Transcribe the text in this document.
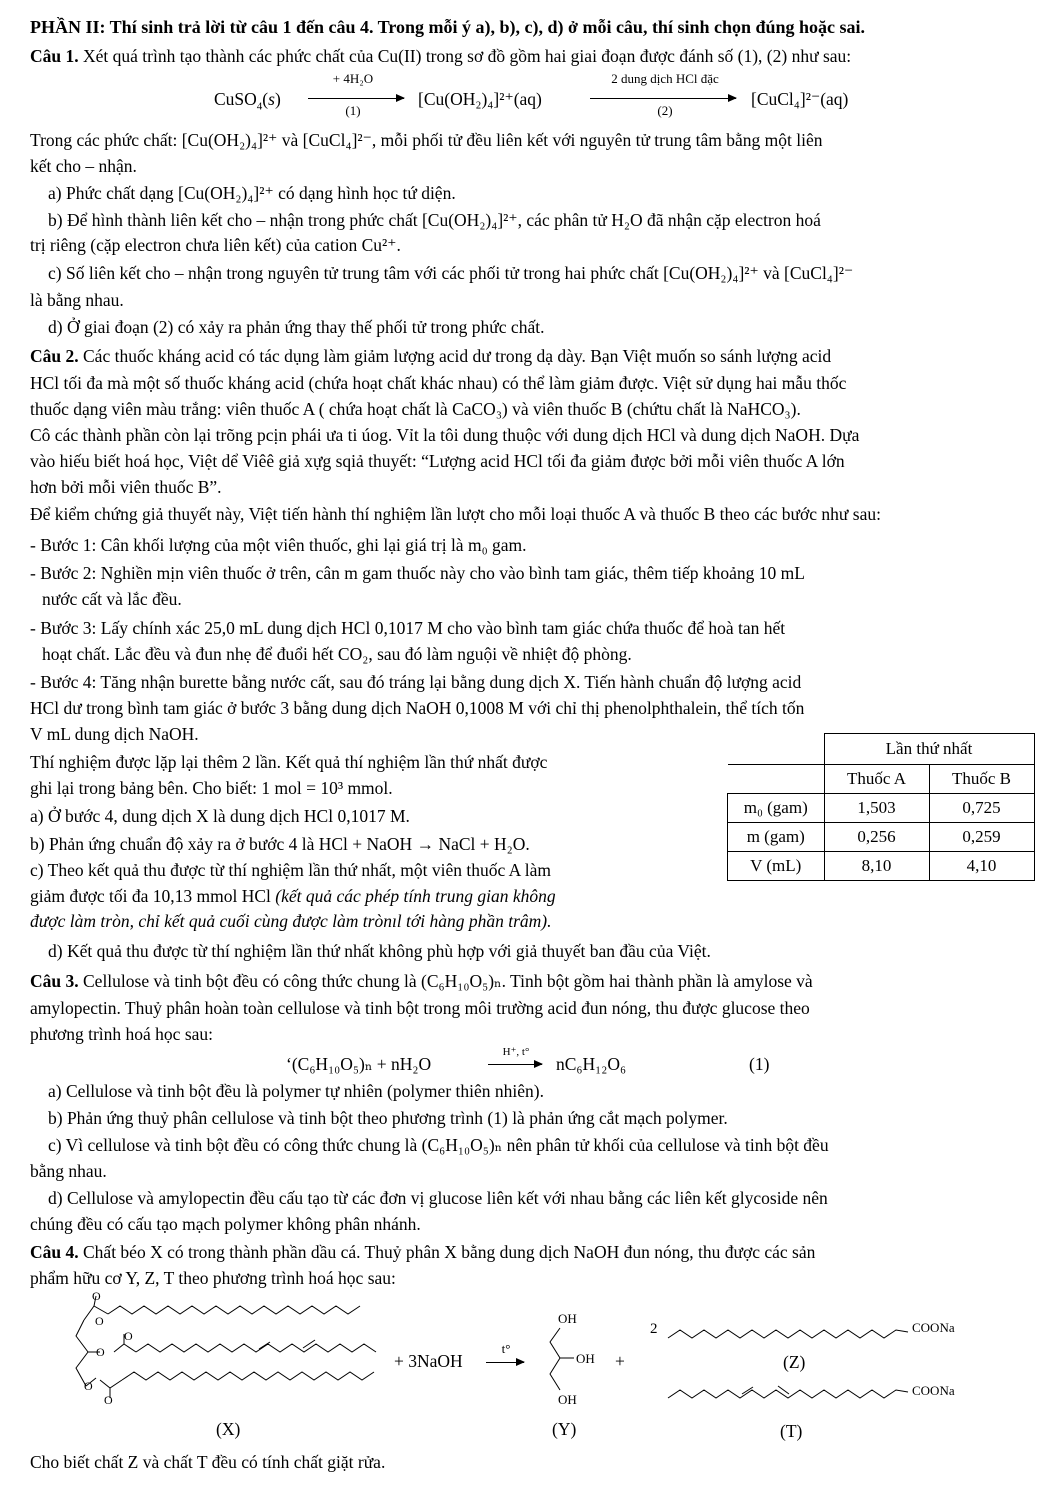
PHẦN II: Thí sinh trả lời từ câu 1 đến câu 4. Trong mỗi ý a), b), c), d) ở mỗi câu, thí sinh chọn đúng hoặc sai.
Câu 1. Xét quá trình tạo thành các phức chất của Cu(II) trong sơ đồ gồm hai giai đoạn được đánh số (1), (2) như sau:
CuSO$_4$(s)
+ 4H₂O
(1)
[Cu(OH₂)₄]²⁺(aq)
2 dung dịch HCl đặc
(2)
[CuCl₄]²⁻(aq)
Trong các phức chất: [Cu(OH₂)₄]²⁺ và [CuCl₄]²⁻, mỗi phối tử đều liên kết với nguyên tử trung tâm bằng một liên
kết cho – nhận.
a) Phức chất dạng [Cu(OH₂)₄]²⁺ có dạng hình học tứ diện.
b) Để hình thành liên kết cho – nhận trong phức chất [Cu(OH₂)₄]²⁺, các phân tử H₂O đã nhận cặp electron hoá
trị riêng (cặp electron chưa liên kết) của cation Cu²⁺.
c) Số liên kết cho – nhận trong nguyên tử trung tâm với các phối tử trong hai phức chất [Cu(OH₂)₄]²⁺ và [CuCl₄]²⁻
là bằng nhau.
d) Ở giai đoạn (2) có xảy ra phản ứng thay thế phối tử trong phức chất.
Câu 2. Các thuốc kháng acid có tác dụng làm giảm lượng acid dư trong dạ dày. Bạn Việt muốn so sánh lượng acid
HCl tối đa mà một số thuốc kháng acid (chứa hoạt chất khác nhau) có thể làm giảm được. Việt sử dụng hai mẫu thốc
thuốc dạng viên màu trắng: viên thuốc A ( chứa hoạt chất là CaCO₃) và viên thuốc B (chứtu chất là NaHCO₃).
Cô các thành phần còn lại trõng pcịn phái ưa ti úog. Vỉt la tôi dung thuộc với dung dịch HCl và dung dịch NaOH. Dựa
vào hiếu biết hoá học, Việt dể Viêê giả xựg sqiả thuyết: “Lượng acid HCl tối đa giảm được bởi mỗi viên thuốc A lớn
hơn bởi mỗi viên thuốc B”.
Để kiểm chứng giả thuyết này, Việt tiến hành thí nghiệm lần lượt cho mỗi loại thuốc A và thuốc B theo các bước như sau:
- Bước 1: Cân khối lượng của một viên thuốc, ghi lại giá trị là m₀ gam.
- Bước 2: Nghiền mịn viên thuốc ở trên, cân m gam thuốc này cho vào bình tam giác, thêm tiếp khoảng 10 mL
nước cất và lắc đều.
- Bước 3: Lấy chính xác 25,0 mL dung dịch HCl 0,1017 M cho vào bình tam giác chứa thuốc để hoà tan hết
hoạt chất. Lắc đều và đun nhẹ để đuổi hết CO₂, sau đó làm nguội về nhiệt độ phòng.
- Bước 4: Tăng nhận burette bằng nước cất, sau đó tráng lại bằng dung dịch X. Tiến hành chuẩn độ lượng acid
HCl dư trong bình tam giác ở bước 3 bằng dung dịch NaOH 0,1008 M với chỉ thị phenolphthalein, thể tích tốn
V mL dung dịch NaOH.
Thí nghiệm được lặp lại thêm 2 lần. Kết quả thí nghiệm lần thứ nhất được
ghi lại trong bảng bên. Cho biết: 1 mol = 10³ mmol.
a) Ở bước 4, dung dịch X là dung dịch HCl 0,1017 M.
b) Phản ứng chuẩn độ xảy ra ở bước 4 là HCl + NaOH → NaCl + H₂O.
c) Theo kết quả thu được từ thí nghiệm lần thứ nhất, một viên thuốc A làm
giảm được tối đa 10,13 mmol HCl (kết quả các phép tính trung gian không
được làm tròn, chỉ kết quả cuối cùng được làm trònıl tới hàng phần trâm).
d) Kết quả thu được từ thí nghiệm lần thứ nhất không phù hợp với giả thuyết ban đầu của Việt.
	Lần thứ nhất	
	Thuốc A	Thuốc B
m₀ (gam)	1,503	0,725
m (gam)	0,256	0,259
V (mL)	8,10	4,10
Câu 3. Cellulose và tinh bột đều có công thức chung là (C₆H₁₀O₅)ₙ. Tinh bột gồm hai thành phần là amylose và
amylopectin. Thuỷ phân hoàn toàn cellulose và tinh bột trong môi trường acid đun nóng, thu được glucose theo
phương trình hoá học sau:
‘(C₆H₁₀O₅)ₙ + nH₂O
H⁺, t°
nC₆H₁₂O₆	(1)
a) Cellulose và tinh bột đều là polymer tự nhiên (polymer thiên nhiên).
b) Phản ứng thuỷ phân cellulose và tinh bột theo phương trình (1) là phản ứng cắt mạch polymer.
c) Vì cellulose và tinh bột đều có công thức chung là (C₆H₁₀O₅)ₙ nên phân tử khối của cellulose và tinh bột đều
bằng nhau.
d) Cellulose và amylopectin đều cấu tạo từ các đơn vị glucose liên kết với nhau bằng các liên kết glycoside nên
chúng đều có cấu tạo mạch polymer không phân nhánh.
Câu 4. Chất béo X có trong thành phần dầu cá. Thuỷ phân X bằng dung dịch NaOH đun nóng, thu được các sản
phẩm hữu cơ Y, Z, T theo phương trình hoá học sau:
O
O
O
O
O
O
+ 3NaOH
t°
OH
OH
OH
+
2	COONa
COONa
(Z)
(X)	(Y)	(T)
Cho biết chất Z và chất T đều có tính chất giặt rửa.
